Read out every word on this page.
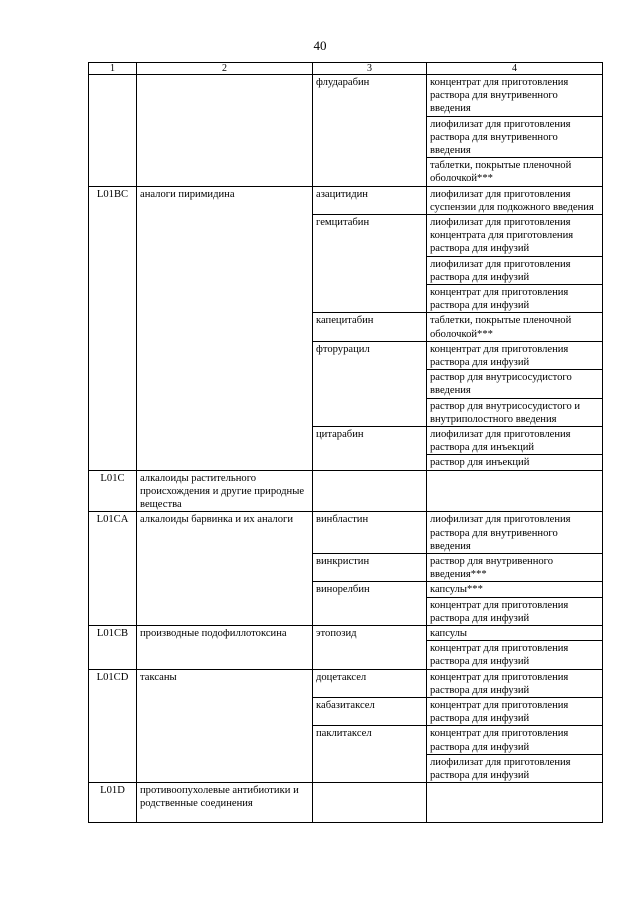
40
1	2	3	4
		флударабин	концентрат для приготовления раствора для внутривенного введения
			лиофилизат для приготовления раствора для внутривенного введения
			таблетки, покрытые пленочной оболочкой***
L01BC	аналоги пиримидина	азацитидин	лиофилизат для приготовления суспензии для подкожного введения
		гемцитабин	лиофилизат для приготовления концентрата для приготовления раствора для инфузий
			лиофилизат для приготовления раствора для инфузий
			концентрат для приготовления раствора для инфузий
		капецитабин	таблетки, покрытые пленочной оболочкой***
		фторурацил	концентрат для приготовления раствора для инфузий
			раствор для внутрисосудистого введения
			раствор для внутрисосудистого и внутриполостного введения
		цитарабин	лиофилизат для приготовления раствора для инъекций
			раствор для инъекций
L01C	алкалоиды растительного происхождения и другие природные вещества		
L01CA	алкалоиды барвинка и их аналоги	винбластин	лиофилизат для приготовления раствора для внутривенного введения
		винкристин	раствор для внутривенного введения***
		винорелбин	капсулы***
			концентрат для приготовления раствора для инфузий
L01CB	производные подофиллотоксина	этопозид	капсулы
			концентрат для приготовления раствора для инфузий
L01CD	таксаны	доцетаксел	концентрат для приготовления раствора для инфузий
		кабазитаксел	концентрат для приготовления раствора для инфузий
		паклитаксел	концентрат для приготовления раствора для инфузий
			лиофилизат для приготовления раствора для инфузий
L01D	противоопухолевые антибиотики и родственные соединения		
